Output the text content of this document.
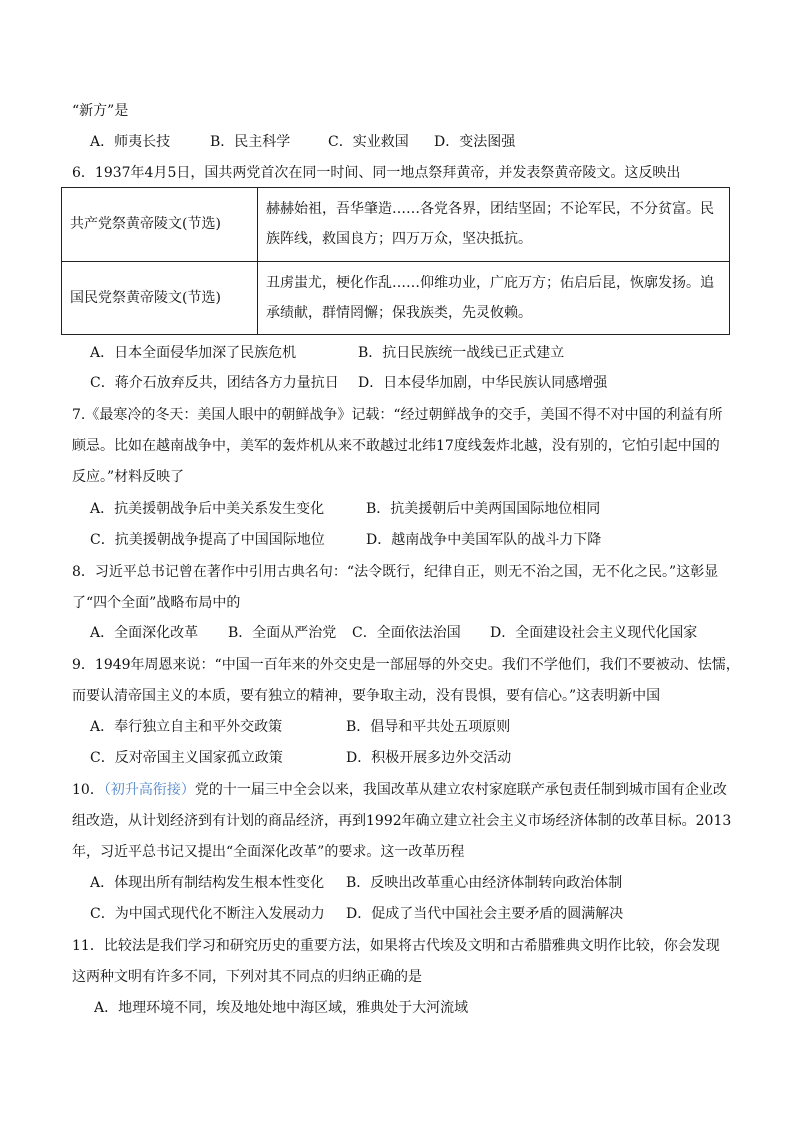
“新方”是
A．师夷长技	B．民主科学	C．实业救国 D．变法图强
6．1937年4月5日，国共两党首次在同一时间、同一地点祭拜黄帝，并发表祭黄帝陵文。这反映出
共产党祭黄帝陵文(节选)	赫赫始祖，吾华肇造……各党各界，团结坚固；不论军民，不分贫富。民
族阵线，救国良方；四万万众，坚决抵抗。
国民党祭黄帝陵文(节选)	丑虏蚩尤，梗化作乱……仰维功业，广庇万方；佑启后昆，恢廓发扬。追
承绩献，群情罔懈；保我族类，先灵攸赖。
A．日本全面侵华加深了民族危机	B．抗日民族统一战线已正式建立
C．蒋介石放弃反共，团结各方力量抗日 D．日本侵华加剧，中华民族认同感增强
7.《最寒冷的冬天：美国人眼中的朝鲜战争》记载：“经过朝鲜战争的交手，美国不得不对中国的利益有所
顾忌。比如在越南战争中，美军的轰炸机从来不敢越过北纬17度线轰炸北越，没有别的，它怕引起中国的
反应。”材料反映了
A．抗美援朝战争后中美关系发生变化	B．抗美援朝后中美两国国际地位相同
C．抗美援朝战争提高了中国国际地位	D．越南战争中美国军队的战斗力下降
8．习近平总书记曾在著作中引用古典名句：“法令既行，纪律自正，则无不治之国，无不化之民。”这彰显
了“四个全面”战略布局中的
A．全面深化改革 B．全面从严治党 C．全面依法治国 D．全面建设社会主义现代化国家
9．1949年周恩来说：“中国一百年来的外交史是一部屈辱的外交史。我们不学他们，我们不要被动、怯懦，
而要认清帝国主义的本质，要有独立的精神，要争取主动，没有畏惧，要有信心。”这表明新中国
A．奉行独立自主和平外交政策	B．倡导和平共处五项原则
C．反对帝国主义国家孤立政策	D．积极开展多边外交活动
10．（初升高衔接）党的十一届三中全会以来，我国改革从建立农村家庭联产承包责任制到城市国有企业改
组改造，从计划经济到有计划的商品经济，再到1992年确立建立社会主义市场经济体制的改革目标。2013
年，习近平总书记又提出“全面深化改革”的要求。这一改革历程
A．体现出所有制结构发生根本性变化 B．反映出改革重心由经济体制转向政治体制
C．为中国式现代化不断注入发展动力 D．促成了当代中国社会主要矛盾的圆满解决
11．比较法是我们学习和研究历史的重要方法，如果将古代埃及文明和古希腊雅典文明作比较，你会发现
这两种文明有许多不同，下列对其不同点的归纳正确的是
A．地理环境不同，埃及地处地中海区域，雅典处于大河流域
